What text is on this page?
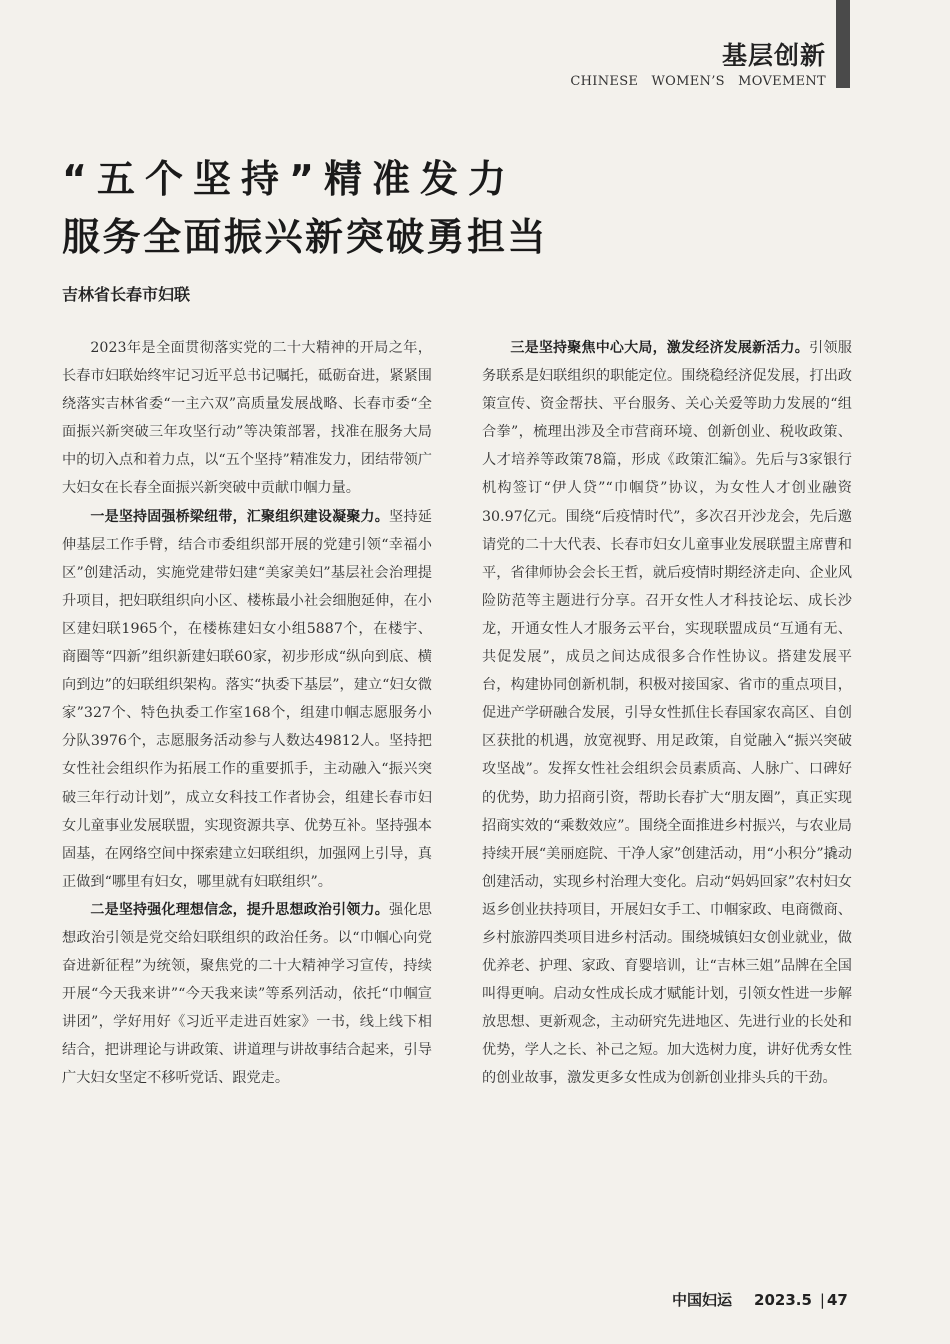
基层创新
CHINESE　WOMEN’S　MOVEMENT
“五个坚持”精准发力
服务全面振兴新突破勇担当
吉林省长春市妇联

2023年是全面贯彻落实党的二十大精神的开局之年，长春市妇联始终牢记习近平总书记嘱托，砥砺奋进，紧紧围绕落实吉林省委“一主六双”高质量发展战略、长春市委“全面振兴新突破三年攻坚行动”等决策部署，找准在服务大局中的切入点和着力点，以“五个坚持”精准发力，团结带领广大妇女在长春全面振兴新突破中贡献巾帼力量。

一是坚持固强桥梁纽带，汇聚组织建设凝聚力。坚持延伸基层工作手臂，结合市委组织部开展的党建引领“幸福小区”创建活动，实施党建带妇建“美家美妇”基层社会治理提升项目，把妇联组织向小区、楼栋最小社会细胞延伸，在小区建妇联1965个，在楼栋建妇女小组5887个，在楼宇、商圈等“四新”组织新建妇联60家，初步形成“纵向到底、横向到边”的妇联组织架构。落实“执委下基层”，建立“妇女微家”327个、特色执委工作室168个，组建巾帼志愿服务小分队3976个，志愿服务活动参与人数达49812人。坚持把女性社会组织作为拓展工作的重要抓手，主动融入“振兴突破三年行动计划”，成立女科技工作者协会，组建长春市妇女儿童事业发展联盟，实现资源共享、优势互补。坚持强本固基，在网络空间中探索建立妇联组织，加强网上引导，真正做到“哪里有妇女，哪里就有妇联组织”。

二是坚持强化理想信念，提升思想政治引领力。强化思想政治引领是党交给妇联组织的政治任务。以“巾帼心向党　奋进新征程”为统领，聚焦党的二十大精神学习宣传，持续开展“今天我来讲”“今天我来读”等系列活动，依托“巾帼宣讲团”，学好用好《习近平走进百姓家》一书，线上线下相结合，把讲理论与讲政策、讲道理与讲故事结合起来，引导广大妇女坚定不移听党话、跟党走。

三是坚持聚焦中心大局，激发经济发展新活力。引领服务联系是妇联组织的职能定位。围绕稳经济促发展，打出政策宣传、资金帮扶、平台服务、关心关爱等助力发展的“组合拳”，梳理出涉及全市营商环境、创新创业、税收政策、人才培养等政策78篇，形成《政策汇编》。先后与3家银行机构签订“伊人贷”“巾帼贷”协议，为女性人才创业融资30.97亿元。围绕“后疫情时代”，多次召开沙龙会，先后邀请党的二十大代表、长春市妇女儿童事业发展联盟主席曹和平，省律师协会会长王哲，就后疫情时期经济走向、企业风险防范等主题进行分享。召开女性人才科技论坛、成长沙龙，开通女性人才服务云平台，实现联盟成员“互通有无、共促发展”，成员之间达成很多合作性协议。搭建发展平台，构建协同创新机制，积极对接国家、省市的重点项目，促进产学研融合发展，引导女性抓住长春国家农高区、自创区获批的机遇，放宽视野、用足政策，自觉融入“振兴突破攻坚战”。发挥女性社会组织会员素质高、人脉广、口碑好的优势，助力招商引资，帮助长春扩大“朋友圈”，真正实现招商实效的“乘数效应”。围绕全面推进乡村振兴，与农业局持续开展“美丽庭院、干净人家”创建活动，用“小积分”撬动创建活动，实现乡村治理大变化。启动“妈妈回家”农村妇女返乡创业扶持项目，开展妇女手工、巾帼家政、电商微商、乡村旅游四类项目进乡村活动。围绕城镇妇女创业就业，做优养老、护理、家政、育婴培训，让“吉林三姐”品牌在全国叫得更响。启动女性成长成才赋能计划，引领女性进一步解放思想、更新观念，主动研究先进地区、先进行业的长处和优势，学人之长、补己之短。加大选树力度，讲好优秀女性的创业故事，激发更多女性成为创新创业排头兵的干劲。

中国妇运 2023.5 | 47
